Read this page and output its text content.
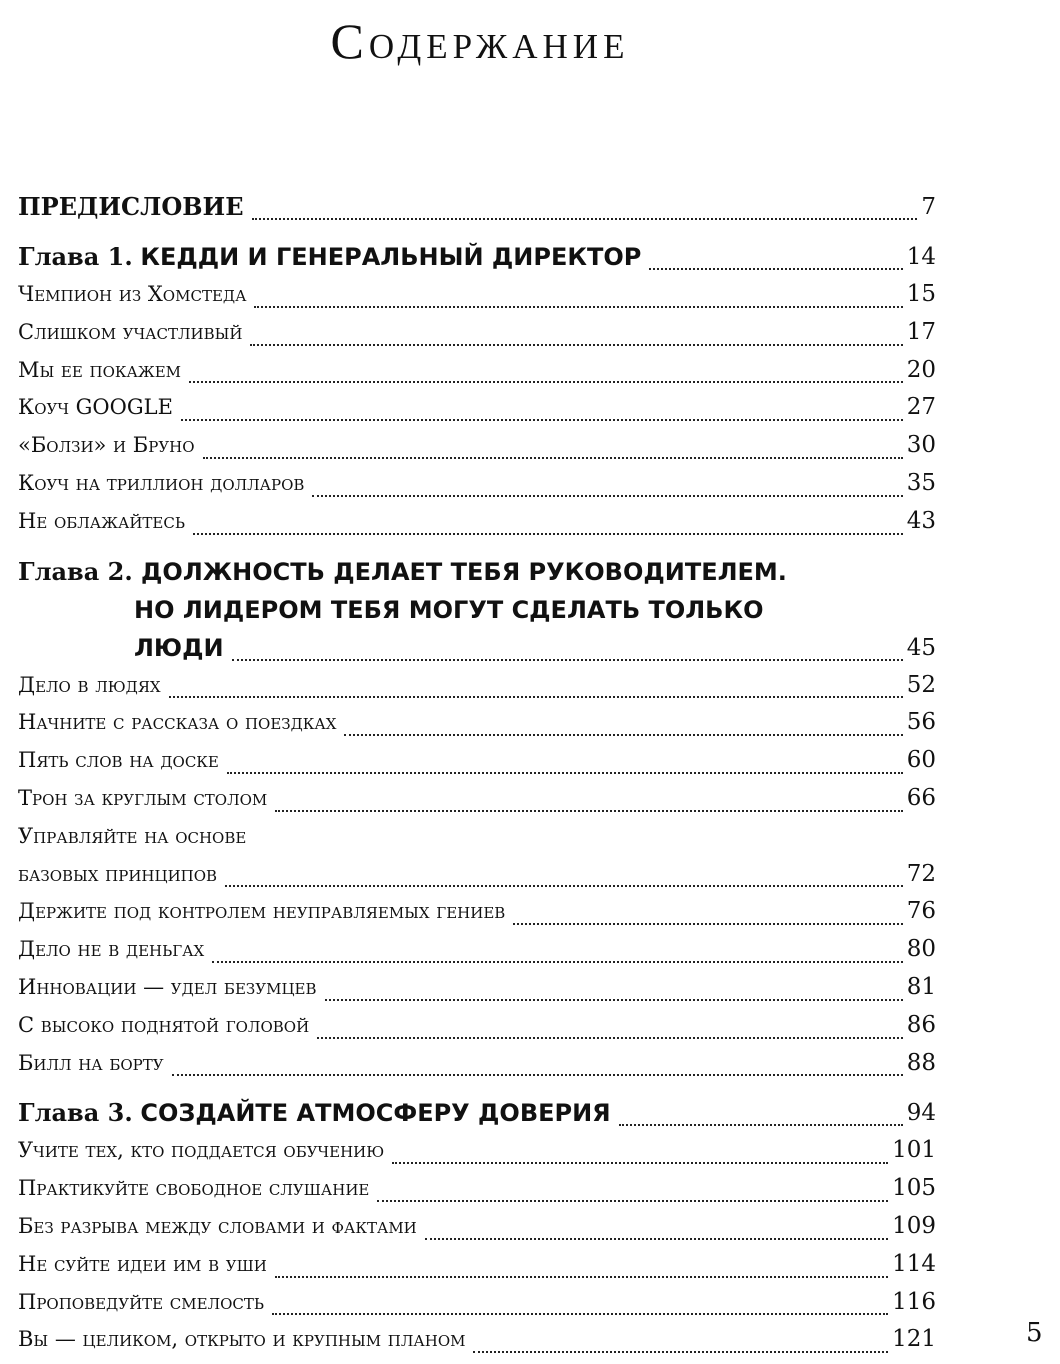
Содержание
ПРЕДИСЛОВИЕ	7
Глава 1. КЕДДИ И ГЕНЕРАЛЬНЫЙ ДИРЕКТОР	14
Чемпион из Хомстеда	15
Слишком участливый	17
Мы ее покажем	20
Коуч GOOGLE	27
«Болзи» и Бруно	30
Коуч на триллион долларов	35
Не облажайтесь	43
Глава 2. ДОЛЖНОСТЬ ДЕЛАЕТ ТЕБЯ РУКОВОДИТЕЛЕМ.
НО ЛИДЕРОМ ТЕБЯ МОГУТ СДЕЛАТЬ ТОЛЬКО
ЛЮДИ	45
Дело в людях	52
Начните с рассказа о поездках	56
Пять слов на доске	60
Трон за круглым столом	66
Управляйте на основе
базовых принципов	72
Держите под контролем неуправляемых гениев	76
Дело не в деньгах	80
Инновации — удел безумцев	81
С высоко поднятой головой	86
Билл на борту	88
Глава 3. СОЗДАЙТЕ АТМОСФЕРУ ДОВЕРИЯ	94
Учите тех, кто поддается обучению	101
Практикуйте свободное слушание	105
Без разрыва между словами и фактами	109
Не суйте идеи им в уши	114
Проповедуйте смелость	116
Вы — целиком, открыто и крупным планом	121	5
